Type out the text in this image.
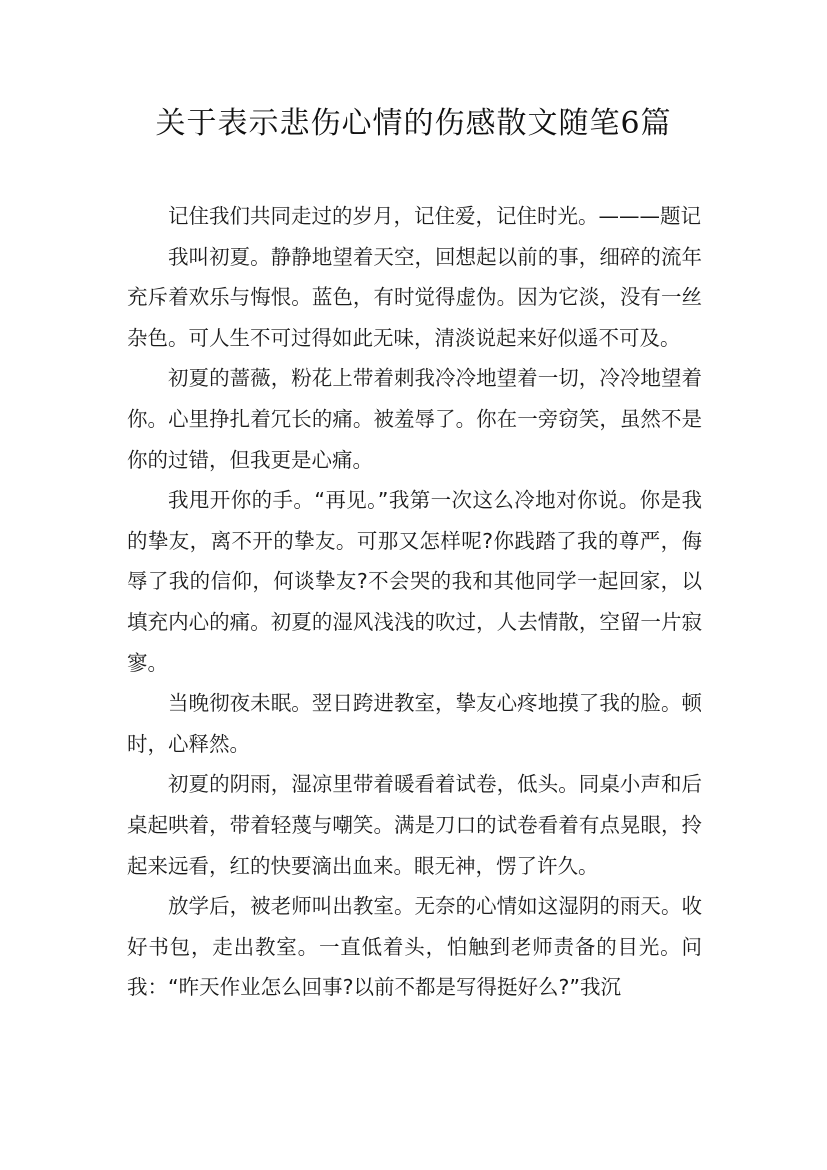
关于表示悲伤心情的伤感散文随笔6篇

记住我们共同走过的岁月，记住爱，记住时光。———题记

我叫初夏。静静地望着天空，回想起以前的事，细碎的流年充斥着欢乐与悔恨。蓝色，有时觉得虚伪。因为它淡，没有一丝杂色。可人生不可过得如此无味，清淡说起来好似遥不可及。

初夏的蔷薇，粉花上带着刺我冷冷地望着一切，冷冷地望着你。心里挣扎着冗长的痛。被羞辱了。你在一旁窃笑，虽然不是你的过错，但我更是心痛。

我甩开你的手。“再见。”我第一次这么冷地对你说。你是我的挚友，离不开的挚友。可那又怎样呢?你践踏了我的尊严，侮辱了我的信仰，何谈挚友?不会哭的我和其他同学一起回家，以填充内心的痛。初夏的湿风浅浅的吹过，人去情散，空留一片寂寥。

当晚彻夜未眠。翌日跨进教室，挚友心疼地摸了我的脸。顿时，心释然。

初夏的阴雨，湿凉里带着暖看着试卷，低头。同桌小声和后桌起哄着，带着轻蔑与嘲笑。满是刀口的试卷看着有点晃眼，拎起来远看，红的快要滴出血来。眼无神，愣了许久。

放学后，被老师叫出教室。无奈的心情如这湿阴的雨天。收好书包，走出教室。一直低着头，怕触到老师责备的目光。问我：“昨天作业怎么回事?以前不都是写得挺好么?”我沉
